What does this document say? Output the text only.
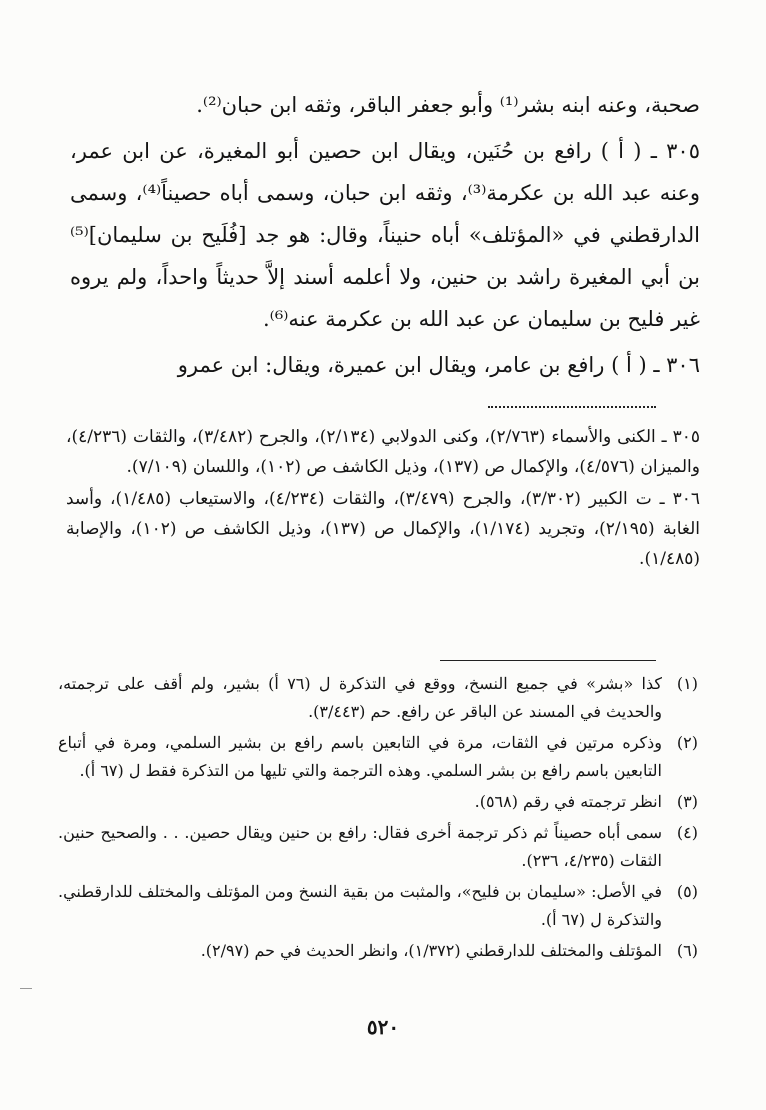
صحبة، وعنه ابنه بشر⁽¹⁾ وأبو جعفر الباقر، وثقه ابن حبان⁽²⁾.

٣٠٥ ـ ( أ ) رافع بن حُنَين، ويقال ابن حصين أبو المغيرة، عن ابن عمر، وعنه عبد الله بن عكرمة⁽³⁾، وثقه ابن حبان، وسمى أباه حصيناً⁽⁴⁾، وسمى الدارقطني في «المؤتلف» أباه حنيناً، وقال: هو جد [فُلَيح بن سليمان]⁽⁵⁾ بن أبي المغيرة راشد بن حنين، ولا أعلمه أسند إلاَّ حديثاً واحداً، ولم يروه غير فليح بن سليمان عن عبد الله بن عكرمة عنه⁽⁶⁾.

٣٠٦ ـ ( أ ) رافع بن عامر، ويقال ابن عميرة، ويقال: ابن عمرو

٣٠٥ ـ الكنى والأسماء (٢/٧٦٣)، وكنى الدولابي (٢/١٣٤)، والجرح (٣/٤٨٢)، والثقات (٤/٢٣٦)، والميزان (٤/٥٧٦)، والإكمال ص (١٣٧)، وذيل الكاشف ص (١٠٢)، واللسان (٧/١٠٩).

٣٠٦ ـ ت الكبير (٣/٣٠٢)، والجرح (٣/٤٧٩)، والثقات (٤/٢٣٤)، والاستيعاب (١/٤٨٥)، وأسد الغابة (٢/١٩٥)، وتجريد (١/١٧٤)، والإكمال ص (١٣٧)، وذيل الكاشف ص (١٠٢)، والإصابة (١/٤٨٥).

(١)
كذا «بشر» في جميع النسخ، ووقع في التذكرة ل (٧٦ أ) بشير، ولم أقف على ترجمته، والحديث في المسند عن الباقر عن رافع. حم (٣/٤٤٣).
(٢)
وذكره مرتين في الثقات، مرة في التابعين باسم رافع بن بشير السلمي، ومرة في أتباع التابعين باسم رافع بن بشر السلمي. وهذه الترجمة والتي تليها من التذكرة فقط ل (٦٧ أ).
(٣)
انظر ترجمته في رقم (٥٦٨).
(٤)
سمى أباه حصيناً ثم ذكر ترجمة أخرى فقال: رافع بن حنين ويقال حصين. . . والصحيح حنين. الثقات (٤/٢٣٥، ٢٣٦).
(٥)
في الأصل: «سليمان بن فليح»، والمثبت من بقية النسخ ومن المؤتلف والمختلف للدارقطني. والتذكرة ل (٦٧ أ).
(٦)
المؤتلف والمختلف للدارقطني (١/٣٧٢)، وانظر الحديث في حم (٢/٩٧).
٥٢٠
